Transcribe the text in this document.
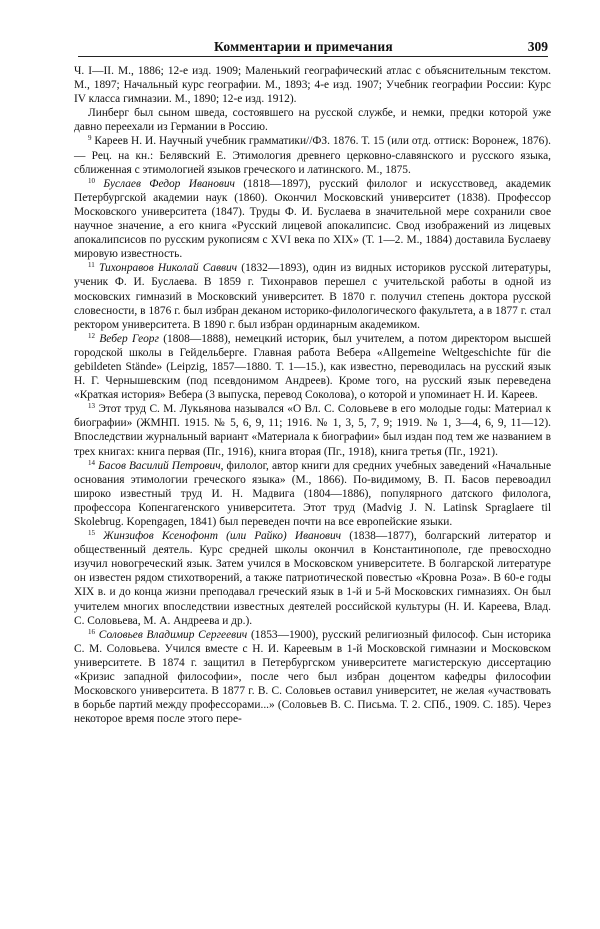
Комментарии и примечания	309

Ч. I—II. М., 1886; 12-е изд. 1909; Маленький географический атлас с объяснительным текстом. М., 1897; Начальный курс географии. М., 1893; 4-е изд. 1907; Учебник географии России: Курс IV класса гимназии. М., 1890; 12-е изд. 1912).

Линберг был сыном шведа, состоявшего на русской службе, и немки, предки которой уже давно переехали из Германии в Россию.

$^9$ Кареев Н. И. Научный учебник грамматики//ФЗ. 1876. Т. 15 (или отд. оттиск: Воронеж, 1876). — Рец. на кн.: Белявский Е. Этимология древнего церковно-славянского и русского языка, сближенная с этимологией языков греческого и латинского. М., 1875.

$^{10}$ Буслаев Федор Иванович (1818—1897), русский филолог и искусствовед, академик Петербургской академии наук (1860). Окончил Московский университет (1838). Профессор Московского университета (1847). Труды Ф. И. Буслаева в значительной мере сохранили свое научное значение, а его книга «Русский лицевой апокалипсис. Свод изображений из лицевых апокалипсисов по русским рукописям с XVI века по XIX» (Т. 1—2. М., 1884) доставила Буслаеву мировую известность.

$^{11}$ Тихонравов Николай Саввич (1832—1893), один из видных историков русской литературы, ученик Ф. И. Буслаева. В 1859 г. Тихонравов перешел с учительской работы в одной из московских гимназий в Московский университет. В 1870 г. получил степень доктора русской словесности, в 1876 г. был избран деканом историко-филологического факультета, а в 1877 г. стал ректором университета. В 1890 г. был избран ординарным академиком.

$^{12}$ Вебер Георг (1808—1888), немецкий историк, был учителем, а потом директором высшей городской школы в Гейдельберге. Главная работа Вебера «Allgemeine Weltgeschichte für die gebildeten Stände» (Leipzig, 1857—1880. Т. 1—15.), как известно, переводилась на русский язык Н. Г. Чернышевским (под псевдонимом Андреев). Кроме того, на русский язык переведена «Краткая история» Вебера (3 выпуска, перевод Соколова), о которой и упоминает Н. И. Кареев.

$^{13}$ Этот труд С. М. Лукьянова назывался «О Вл. С. Соловьеве в его молодые годы: Материал к биографии» (ЖМНП. 1915. № 5, 6, 9, 11; 1916. № 1, 3, 5, 7, 9; 1919. № 1, 3—4, 6, 9, 11—12). Впоследствии журнальный вариант «Материала к биографии» был издан под тем же названием в трех книгах: книга первая (Пг., 1916), книга вторая (Пг., 1918), книга третья (Пг., 1921).

$^{14}$ Басов Василий Петрович, филолог, автор книги для средних учебных заведений «Начальные основания этимологии греческого языка» (М., 1866). По-видимому, В. П. Басов перевоадил широко известный труд И. Н. Мадвига (1804—1886), популярного датского филолога, профессора Копенгагенского университета. Этот труд (Madvig J. N. Latinsk Spraglaere til Skolebrug. Kopengagen, 1841) был переведен почти на все европейские языки.

$^{15}$ Жинзифов Ксенофонт (или Райко) Иванович (1838—1877), болгарский литератор и общественный деятель. Курс средней школы окончил в Константинополе, где превосходно изучил новогреческий язык. Затем учился в Московском университете. В болгарской литературе он известен рядом стихотворений, а также патриотической повестью «Кровна Роза». В 60-е годы XIX в. и до конца жизни преподавал греческий язык в 1-й и 5-й Московских гимназиях. Он был учителем многих впоследствии известных деятелей российской культуры (Н. И. Кареева, Влад. С. Соловьева, М. А. Андреева и др.).

$^{16}$ Соловьев Владимир Сергеевич (1853—1900), русский религиозный философ. Сын историка С. М. Соловьева. Учился вместе с Н. И. Кареевым в 1-й Московской гимназии и Московском университете. В 1874 г. защитил в Петербургском университете магистерскую диссертацию «Кризис западной философии», после чего был избран доцентом кафедры философии Московского университета. В 1877 г. В. С. Соловьев оставил университет, не желая «участвовать в борьбе партий между профессорами...» (Соловьев В. С. Письма. Т. 2. СПб., 1909. С. 185). Через некоторое время после этого пере-
